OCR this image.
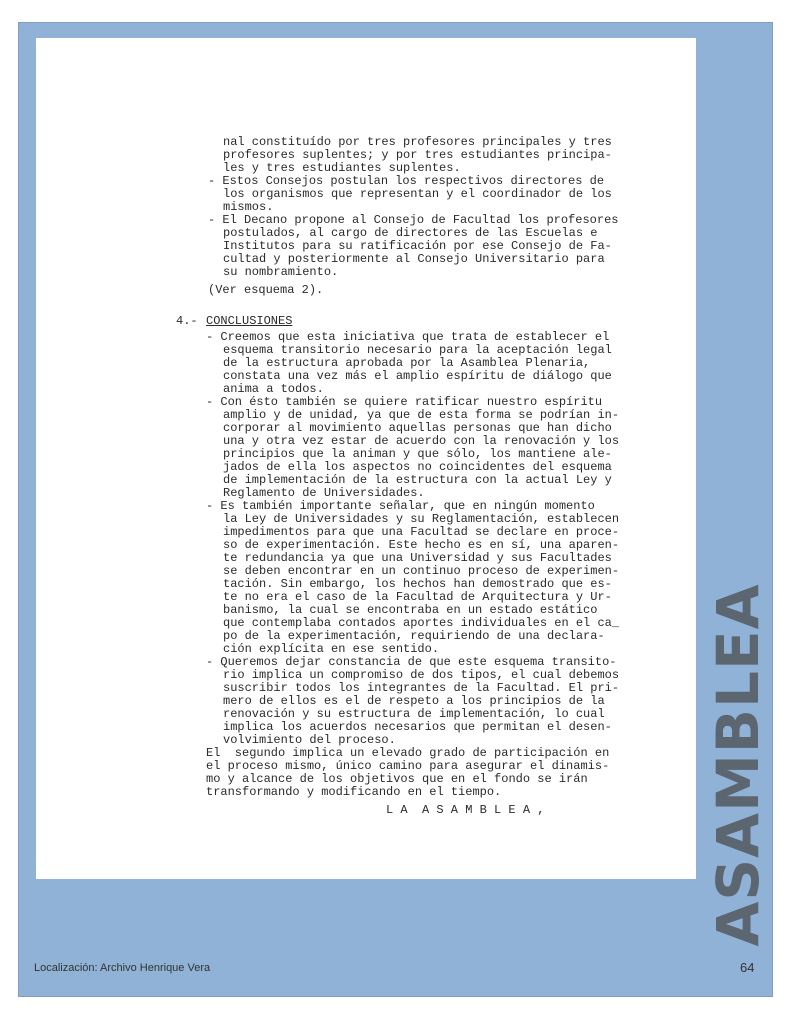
nal constituído por tres profesores principales y tres
profesores suplentes; y por tres estudiantes principa-
les y tres estudiantes suplentes.
- Estos Consejos postulan los respectivos directores de
los organismos que representan y el coordinador de los
mismos.
- El Decano propone al Consejo de Facultad los profesores
postulados, al cargo de directores de las Escuelas e
Institutos para su ratificación por ese Consejo de Fa-
cultad y posteriormente al Consejo Universitario para
su nombramiento.
(Ver esquema 2).
4.- CONCLUSIONES
- Creemos que esta iniciativa que trata de establecer el
esquema transitorio necesario para la aceptación legal
de la estructura aprobada por la Asamblea Plenaria,
constata una vez más el amplio espíritu de diálogo que
anima a todos.
- Con ésto también se quiere ratificar nuestro espíritu
amplio y de unidad, ya que de esta forma se podrían in-
corporar al movimiento aquellas personas que han dicho
una y otra vez estar de acuerdo con la renovación y los
principios que la animan y que sólo, los mantiene ale-
jados de ella los aspectos no coincidentes del esquema
de implementación de la estructura con la actual Ley y
Reglamento de Universidades.
- Es también importante señalar, que en ningún momento
la Ley de Universidades y su Reglamentación, establecen
impedimentos para que una Facultad se declare en proce-
so de experimentación. Este hecho es en sí, una aparen-
te redundancia ya que una Universidad y sus Facultades
se deben encontrar en un continuo proceso de experimen-
tación. Sin embargo, los hechos han demostrado que es-
te no era el caso de la Facultad de Arquitectura y Ur-
banismo, la cual se encontraba en un estado estático
que contemplaba contados aportes individuales en el ca_
po de la experimentación, requiriendo de una declara-
ción explícita en ese sentido.
- Queremos dejar constancia de que este esquema transito-
rio implica un compromiso de dos tipos, el cual debemos
suscribir todos los integrantes de la Facultad. El pri-
mero de ellos es el de respeto a los principios de la
renovación y su estructura de implementación, lo cual
implica los acuerdos necesarios que permitan el desen-
volvimiento del proceso.
El  segundo implica un elevado grado de participación en
el proceso mismo, único camino para asegurar el dinamis-
mo y alcance de los objetivos que en el fondo se irán
transformando y modificando en el tiempo.
L A  A S A M B L E A ,	ASAMBLEA
Localización: Archivo Henrique Vera	64
